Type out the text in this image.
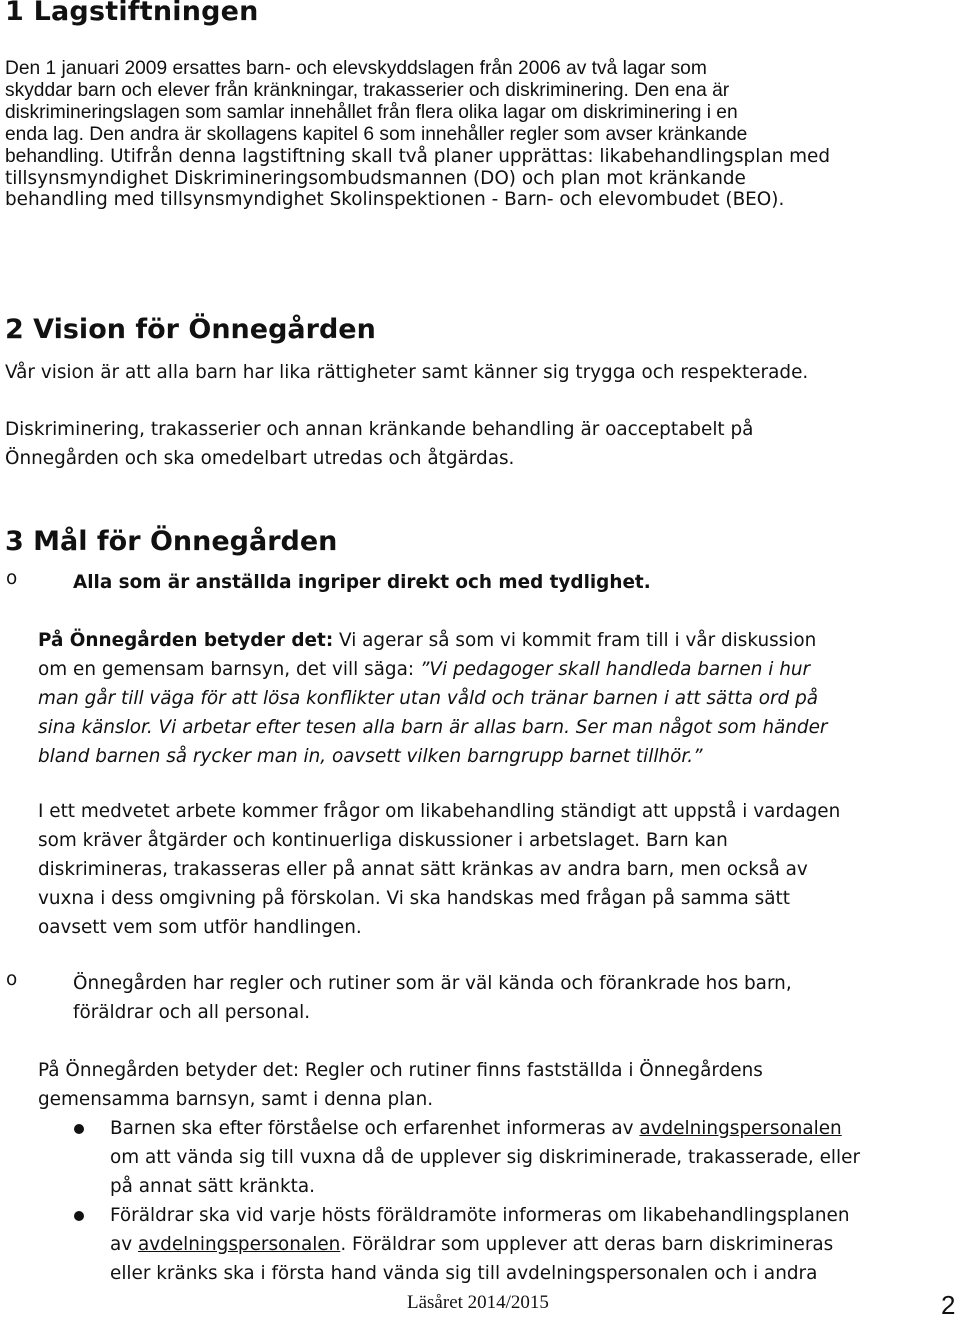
1 Lagstiftningen
Den 1 januari 2009 ersattes barn- och elevskyddslagen från 2006 av två lagar som
skyddar barn och elever från kränkningar, trakasserier och diskriminering. Den ena är
diskrimineringslagen som samlar innehållet från flera olika lagar om diskriminering i en
enda lag. Den andra är skollagens kapitel 6 som innehåller regler som avser kränkande
behandling. Utifrån denna lagstiftning skall två planer upprättas: likabehandlingsplan med
tillsynsmyndighet Diskrimineringsombudsmannen (DO) och plan mot kränkande
behandling med tillsynsmyndighet Skolinspektionen - Barn- och elevombudet (BEO).
2 Vision för Önnegården

Vår vision är att alla barn har lika rättigheter samt känner sig trygga och respekterade.

Diskriminering, trakasserier och annan kränkande behandling är oacceptabelt på
Önnegården och ska omedelbart utredas och åtgärdas.
3 Mål för Önnegården
o	Alla som är anställda ingriper direkt och med tydlighet.

På Önnegården betyder det: Vi agerar så som vi kommit fram till i vår diskussion
om en gemensam barnsyn, det vill säga: ”Vi pedagoger skall handleda barnen i hur
man går till väga för att lösa konflikter utan våld och tränar barnen i att sätta ord på
sina känslor. Vi arbetar efter tesen alla barn är allas barn. Ser man något som händer
bland barnen så rycker man in, oavsett vilken barngrupp barnet tillhör.”
I ett medvetet arbete kommer frågor om likabehandling ständigt att uppstå i vardagen
som kräver åtgärder och kontinuerliga diskussioner i arbetslaget. Barn kan
diskrimineras, trakasseras eller på annat sätt kränkas av andra barn, men också av
vuxna i dess omgivning på förskolan. Vi ska handskas med frågan på samma sätt
oavsett vem som utför handlingen.
o	Önnegården har regler och rutiner som är väl kända och förankrade hos barn,
föräldrar och all personal.
På Önnegården betyder det: Regler och rutiner finns fastställda i Önnegårdens
gemensamma barnsyn, samt i denna plan.
Barnen ska efter förståelse och erfarenhet informeras av avdelningspersonalen
om att vända sig till vuxna då de upplever sig diskriminerade, trakasserade, eller
på annat sätt kränkta.
Föräldrar ska vid varje hösts föräldramöte informeras om likabehandlingsplanen
av avdelningspersonalen. Föräldrar som upplever att deras barn diskrimineras
eller kränks ska i första hand vända sig till avdelningspersonalen och i andra
Läsåret 2014/2015	2
